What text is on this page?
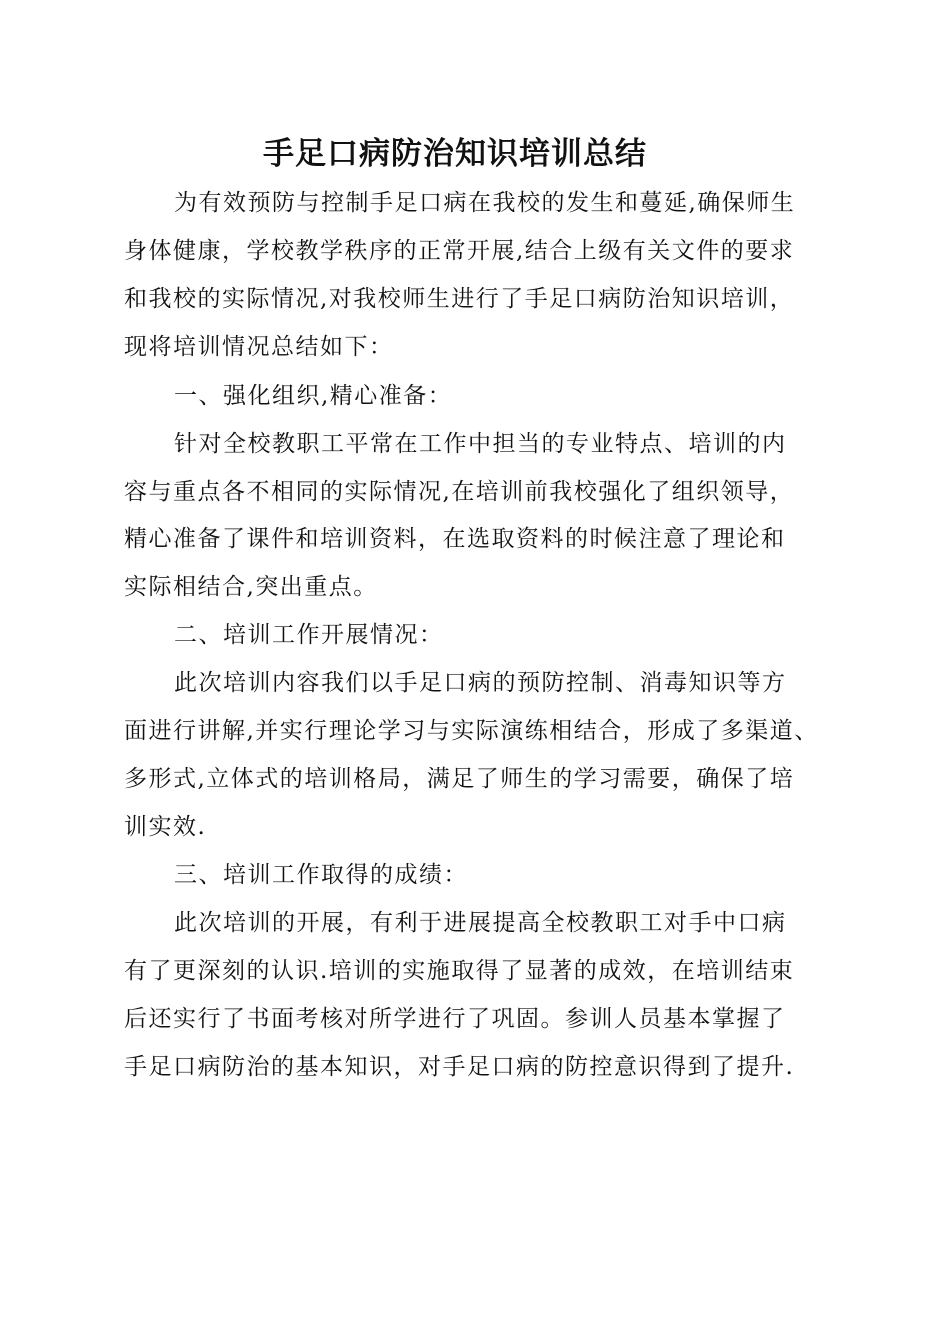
手足口病防治知识培训总结
为有效预防与控制手足口病在我校的发生和蔓延,确保师生
身体健康，学校教学秩序的正常开展,结合上级有关文件的要求
和我校的实际情况,对我校师生进行了手足口病防治知识培训，
现将培训情况总结如下：
一、强化组织,精心准备：
针对全校教职工平常在工作中担当的专业特点、培训的内
容与重点各不相同的实际情况,在培训前我校强化了组织领导，
精心准备了课件和培训资料，在选取资料的时候注意了理论和
实际相结合,突出重点。
二、培训工作开展情况：
此次培训内容我们以手足口病的预防控制、消毒知识等方
面进行讲解,并实行理论学习与实际演练相结合，形成了多渠道、
多形式,立体式的培训格局，满足了师生的学习需要，确保了培
训实效.
三、培训工作取得的成绩：
此次培训的开展，有利于进展提高全校教职工对手中口病
有了更深刻的认识.培训的实施取得了显著的成效，在培训结束
后还实行了书面考核对所学进行了巩固。参训人员基本掌握了
手足口病防治的基本知识，对手足口病的防控意识得到了提升.
